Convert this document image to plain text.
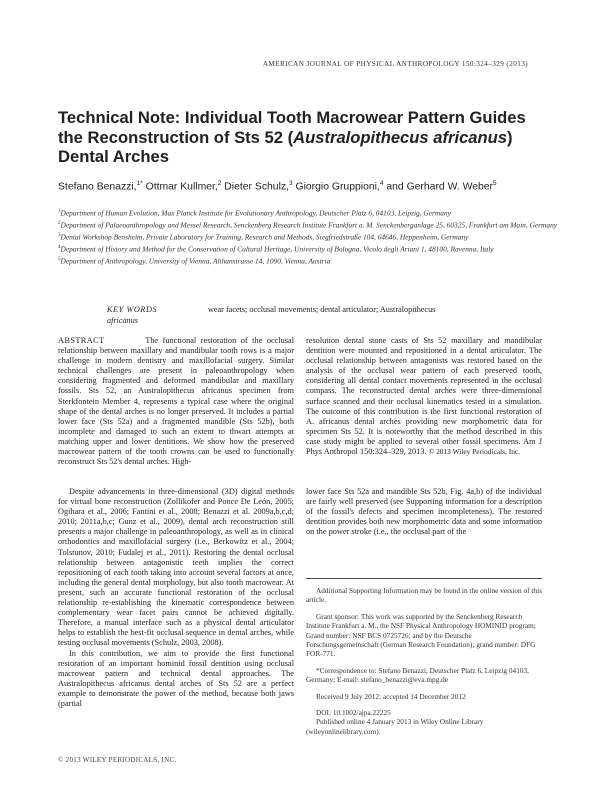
AMERICAN JOURNAL OF PHYSICAL ANTHROPOLOGY 150:324–329 (2013)
Technical Note: Individual Tooth Macrowear Pattern Guides the Reconstruction of Sts 52 (Australopithecus africanus) Dental Arches
Stefano Benazzi,$^{1*}$ Ottmar Kullmer,$^2$ Dieter Schulz,$^3$ Giorgio Gruppioni,$^4$ and Gerhard W. Weber$^5$
$^1$Department of Human Evolution, Max Planck Institute for Evolutionary Anthropology, Deutscher Platz 6, 04103, Leipzig, Germany
$^2$Department of Palaeoanthropology and Messel Research, Senckenberg Research Institute Frankfurt a. M. Senckenberganlage 25, 60325, Frankfurt am Main, Germany
$^3$Dental Workshop Bensheim, Private Laboratory for Training, Research and Methods, Siegfriedstraße 104, 64646, Heppenheim, Germany
$^4$Department of History and Method for the Conservation of Cultural Heritage, University of Bologna, Vicolo degli Ariani 1, 48100, Ravenna, Italy
$^5$Department of Anthropology, University of Vienna, Althanstrasse 14, 1090, Vienna, Austria
KEY WORDS	wear facets; occlusal movements; dental articulator; Australopithecus
africanus

ABSTRACT	The functional restoration of the occlusal relationship between maxillary and mandibular tooth rows is a major challenge in modern dentistry and maxillofacial surgery. Similar technical challenges are present in paleoanthropology when considering fragmented and deformed mandibular and maxillary fossils. Sts 52, an Australopithecus africanus specimen from Sterkfontein Member 4, represents a typical case where the original shape of the dental arches is no longer preserved. It includes a partial lower face (Sts 52a) and a fragmented mandible (Sts 52b), both incomplete and damaged to such an extent to thwart attempts at matching upper and lower dentitions. We show how the preserved macrowear pattern of the tooth crowns can be used to functionally reconstruct Sts 52's dental arches. High-

resolution dental stone casts of Sts 52 maxillary and mandibular dentition were mounted and repositioned in a dental articulator. The occlusal relationship between antagonists was restored based on the analysis of the occlusal wear pattern of each preserved tooth, considering all dental contact movements represented in the occlusal compass. The reconstructed dental arches were three-dimensional surface scanned and their occlusal kinematics tested in a simulation. The outcome of this contribution is the first functional restoration of A. africanus dental arches providing new morphometric data for specimen Sts 52. It is noteworthy that the method described in this case study might be applied to several other fossil specimens. Am J Phys Anthropol 150:324–329, 2013. © 2013 Wiley Periodicals, Inc.

Despite advancements in three-dimensional (3D) digital methods for virtual bone reconstruction (Zollikofer and Ponce De León, 2005; Ogihara et al., 2006; Fantini et al., 2008; Benazzi et al. 2009a,b,c,d; 2010; 2011a,b,c; Gunz et al., 2009), dental arch reconstruction still presents a major challenge in paleoanthropology, as well as in clinical orthodontics and maxillofacial surgery (i.e., Berkowitz et al., 2004; Tolstunov, 2010; Fudalej et al., 2011). Restoring the dental occlusal relationship between antagonistic teeth implies the correct repositioning of each tooth taking into account several factors at once, including the general dental morphology, but also tooth macrowear. At present, such an accurate functional restoration of the occlusal relationship re-establishing the kinematic correspondence between complementary wear facet pairs cannot be achieved digitally. Therefore, a manual interface such as a physical dental articulator helps to establish the best-fit occlusal sequence in dental arches, while testing occlusal movements (Schulz, 2003, 2008).

In this contribution, we aim to provide the first functional restoration of an important hominid fossil dentition using occlusal macrowear pattern and technical dental approaches. The Australopithecus africanus dental arches of Sts 52 are a perfect example to demonstrate the power of the method, because both jaws (partial

lower face Sts 52a and mandible Sts 52b, Fig. 4a,b) of the individual are fairly well preserved (see Supporting information for a description of the fossil's defects and specimen incompleteness). The restored dentition provides both new morphometric data and some information on the power stroke (i.e., the occlusal part of the

Additional Supporting Information may be found in the online version of this article.

Grant sponsor: This work was supported by the Senckenberg Research Institute Frankfurt a. M., the NSF Physical Anthropology HOMINID program; Grand number: NSF BCS 0725726; and by the Deutsche Forschungsgemeinschaft (German Research Foundation); grand number: DFG FOR-771.

*Correspondence to: Stefano Benazzi, Deutscher Platz 6, Leipzig 04103, Germany; E-mail: stefano_benazzi@eva.mpg.de

Received 9 July 2012; accepted 14 December 2012

DOI: 10.1002/ajpa.22225

Published online 4 January 2013 in Wiley Online Library (wileyonlinelibrary.com).

© 2013 WILEY PERIODICALS, INC.
